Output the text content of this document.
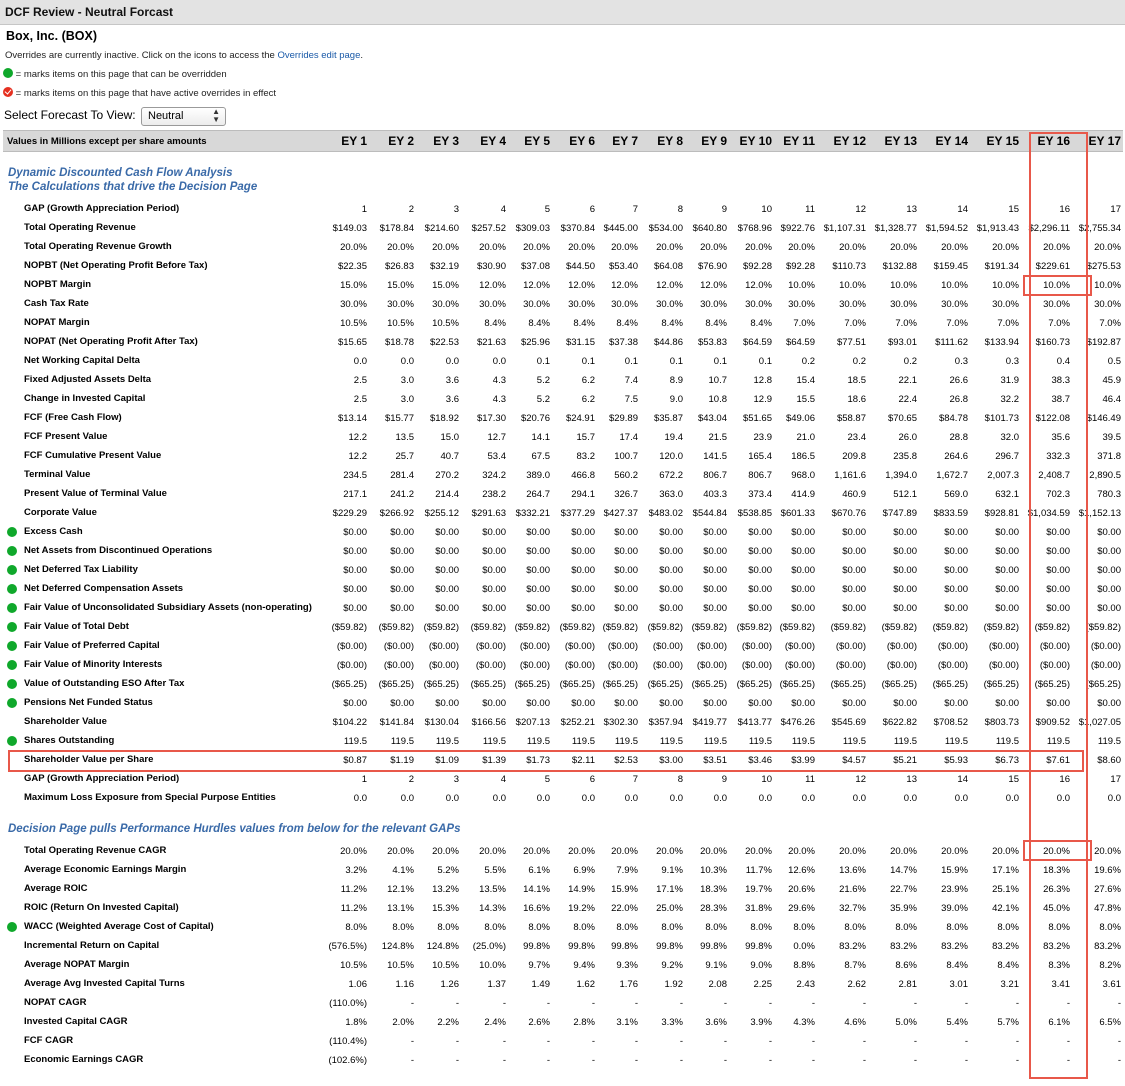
DCF Review - Neutral Forcast
Box, Inc. (BOX)
Overrides are currently inactive. Click on the icons to access the Overrides edit page.
= marks items on this page that can be overridden
= marks items on this page that have active overrides in effect
Select Forecast To View: Neutral	▲
▼
Values in Millions except per share amounts	EY 1 EY 2 EY 3 EY 4 EY 5 EY 6 EY 7 EY 8 EY 9 EY 10 EY 11 EY 12 EY 13 EY 14 EY 15 EY 16 EY 17
Dynamic Discounted Cash Flow Analysis
The Calculations that drive the Decision Page
Decision Page pulls Performance Hurdles values from below for the relevant GAPs
GAP (Growth Appreciation Period)	1	2	3	4	5	6	7	8	9	10	11	12	13	14	15	16	17
Total Operating Revenue	$149.03 $178.84 $214.60 $257.52 $309.03 $370.84 $445.00 $534.00 $640.80 $768.96 $922.76 $1,107.31 $1,328.77 $1,594.52 $1,913.43 $2,296.11 $2,755.34
Total Operating Revenue Growth	20.0% 20.0% 20.0% 20.0% 20.0% 20.0% 20.0% 20.0% 20.0% 20.0% 20.0%	20.0%	20.0%	20.0%	20.0%	20.0%	20.0%
NOPBT (Net Operating Profit Before Tax)	$22.35 $26.83 $32.19 $30.90 $37.08 $44.50 $53.40 $64.08 $76.90 $92.28 $92.28 $110.73 $132.88 $159.45 $191.34 $229.61 $275.53
NOPBT Margin	15.0% 15.0% 15.0% 12.0% 12.0% 12.0% 12.0% 12.0% 12.0% 12.0% 10.0%	10.0%	10.0%	10.0%	10.0%	10.0%	10.0%
Cash Tax Rate	30.0% 30.0% 30.0% 30.0% 30.0% 30.0% 30.0% 30.0% 30.0% 30.0% 30.0%	30.0%	30.0%	30.0%	30.0%	30.0%	30.0%
NOPAT Margin	10.5% 10.5% 10.5%	8.4% 8.4% 8.4% 8.4% 8.4% 8.4% 8.4% 7.0%	7.0%	7.0%	7.0%	7.0%	7.0%	7.0%
NOPAT (Net Operating Profit After Tax)	$15.65 $18.78 $22.53 $21.63 $25.96 $31.15 $37.38 $44.86 $53.83 $64.59 $64.59 $77.51 $93.01 $111.62 $133.94 $160.73 $192.87
Net Working Capital Delta	0.0	0.0	0.0	0.0	0.1	0.1	0.1	0.1	0.1	0.1	0.2	0.2	0.2	0.3	0.3	0.4	0.5
Fixed Adjusted Assets Delta	2.5	3.0	3.6	4.3	5.2	6.2	7.4	8.9	10.7	12.8	15.4	18.5	22.1	26.6	31.9	38.3	45.9
Change in Invested Capital	2.5	3.0	3.6	4.3	5.2	6.2	7.5	9.0	10.8	12.9	15.5	18.6	22.4	26.8	32.2	38.7	46.4
FCF (Free Cash Flow)	$13.14 $15.77 $18.92 $17.30 $20.76 $24.91 $29.89 $35.87 $43.04 $51.65 $49.06 $58.87 $70.65 $84.78 $101.73 $122.08 $146.49
FCF Present Value	12.2	13.5	15.0	12.7	14.1	15.7	17.4	19.4	21.5	23.9	21.0	23.4	26.0	28.8	32.0	35.6	39.5
FCF Cumulative Present Value	12.2	25.7	40.7	53.4	67.5	83.2 100.7 120.0 141.5 165.4 186.5	209.8	235.8	264.6	296.7	332.3	371.8
Terminal Value	234.5 281.4 270.2 324.2 389.0 466.8 560.2 672.2 806.7 806.7 968.0 1,161.6 1,394.0 1,672.7 2,007.3 2,408.7 2,890.5
Present Value of Terminal Value	217.1 241.2 214.4 238.2 264.7 294.1 326.7 363.0 403.3 373.4 414.9	460.9	512.1	569.0	632.1	702.3	780.3
Corporate Value	$229.29 $266.92 $255.12 $291.63 $332.21 $377.29 $427.37 $483.02 $544.84 $538.85 $601.33 $670.76 $747.89 $833.59 $928.81 $1,034.59 $1,152.13
Excess Cash	$0.00 $0.00 $0.00 $0.00 $0.00 $0.00 $0.00 $0.00 $0.00 $0.00 $0.00	$0.00	$0.00	$0.00	$0.00	$0.00	$0.00
Net Assets from Discontinued Operations	$0.00 $0.00 $0.00 $0.00 $0.00 $0.00 $0.00 $0.00 $0.00 $0.00 $0.00	$0.00	$0.00	$0.00	$0.00	$0.00	$0.00
Net Deferred Tax Liability	$0.00 $0.00 $0.00 $0.00 $0.00 $0.00 $0.00 $0.00 $0.00 $0.00 $0.00	$0.00	$0.00	$0.00	$0.00	$0.00	$0.00
Net Deferred Compensation Assets	$0.00 $0.00 $0.00 $0.00 $0.00 $0.00 $0.00 $0.00 $0.00 $0.00 $0.00	$0.00	$0.00	$0.00	$0.00	$0.00	$0.00
Fair Value of Unconsolidated Subsidiary Assets (non-operating)	$0.00 $0.00 $0.00 $0.00 $0.00 $0.00 $0.00 $0.00 $0.00 $0.00 $0.00	$0.00	$0.00	$0.00	$0.00	$0.00	$0.00
Fair Value of Total Debt	($59.82) ($59.82) ($59.82) ($59.82) ($59.82) ($59.82) ($59.82) ($59.82) ($59.82) ($59.82) ($59.82) ($59.82) ($59.82) ($59.82) ($59.82) ($59.82) ($59.82)
Fair Value of Preferred Capital	($0.00) ($0.00) ($0.00) ($0.00) ($0.00) ($0.00) ($0.00) ($0.00) ($0.00) ($0.00) ($0.00) ($0.00) ($0.00) ($0.00) ($0.00) ($0.00) ($0.00)
Fair Value of Minority Interests	($0.00) ($0.00) ($0.00) ($0.00) ($0.00) ($0.00) ($0.00) ($0.00) ($0.00) ($0.00) ($0.00) ($0.00) ($0.00) ($0.00) ($0.00) ($0.00) ($0.00)
Value of Outstanding ESO After Tax	($65.25) ($65.25) ($65.25) ($65.25) ($65.25) ($65.25) ($65.25) ($65.25) ($65.25) ($65.25) ($65.25) ($65.25) ($65.25) ($65.25) ($65.25) ($65.25) ($65.25)
Pensions Net Funded Status	$0.00 $0.00 $0.00 $0.00 $0.00 $0.00 $0.00 $0.00 $0.00 $0.00 $0.00	$0.00	$0.00	$0.00	$0.00	$0.00	$0.00
Shareholder Value	$104.22 $141.84 $130.04 $166.56 $207.13 $252.21 $302.30 $357.94 $419.77 $413.77 $476.26 $545.69 $622.82 $708.52 $803.73 $909.52 $1,027.05
Shares Outstanding	119.5	119.5 119.5	119.5 119.5 119.5 119.5 119.5 119.5 119.5 119.5	119.5	119.5	119.5	119.5	119.5	119.5
Shareholder Value per Share	$0.87 $1.19 $1.09 $1.39 $1.73 $2.11 $2.53 $3.00 $3.51 $3.46 $3.99	$4.57	$5.21	$5.93	$6.73	$7.61	$8.60
GAP (Growth Appreciation Period)	1	2	3	4	5	6	7	8	9	10	11	12	13	14	15	16	17
Maximum Loss Exposure from Special Purpose Entities	0.0	0.0	0.0	0.0	0.0	0.0	0.0	0.0	0.0	0.0	0.0	0.0	0.0	0.0	0.0	0.0	0.0
Total Operating Revenue CAGR	20.0% 20.0% 20.0% 20.0% 20.0% 20.0% 20.0% 20.0% 20.0% 20.0% 20.0%	20.0%	20.0%	20.0%	20.0%	20.0%	20.0%
Average Economic Earnings Margin	3.2%	4.1% 5.2%	5.5% 6.1% 6.9% 7.9% 9.1% 10.3% 11.7% 12.6%	13.6%	14.7%	15.9%	17.1%	18.3%	19.6%
Average ROIC	11.2% 12.1% 13.2% 13.5% 14.1% 14.9% 15.9% 17.1% 18.3% 19.7% 20.6%	21.6%	22.7%	23.9%	25.1%	26.3%	27.6%
ROIC (Return On Invested Capital)	11.2% 13.1% 15.3% 14.3% 16.6% 19.2% 22.0% 25.0% 28.3% 31.8% 29.6%	32.7%	35.9%	39.0%	42.1%	45.0%	47.8%
WACC (Weighted Average Cost of Capital)	8.0%	8.0% 8.0%	8.0% 8.0% 8.0% 8.0% 8.0% 8.0% 8.0% 8.0%	8.0%	8.0%	8.0%	8.0%	8.0%	8.0%
Incremental Return on Capital	(576.5%) 124.8% 124.8% (25.0%) 99.8% 99.8% 99.8% 99.8% 99.8% 99.8% 0.0%	83.2%	83.2%	83.2%	83.2%	83.2%	83.2%
Average NOPAT Margin	10.5% 10.5% 10.5% 10.0% 9.7% 9.4% 9.3% 9.2% 9.1% 9.0% 8.8%	8.7%	8.6%	8.4%	8.4%	8.3%	8.2%
Average Avg Invested Capital Turns	1.06	1.16	1.26	1.37	1.49	1.62	1.76	1.92	2.08	2.25	2.43	2.62	2.81	3.01	3.21	3.41	3.61
NOPAT CAGR	(110.0%)	-	-	-	-	-	-	-	-	-	-	-	-	-	-	-	-
Invested Capital CAGR	1.8%	2.0% 2.2%	2.4% 2.6% 2.8% 3.1% 3.3% 3.6% 3.9% 4.3%	4.6%	5.0%	5.4%	5.7%	6.1%	6.5%
FCF CAGR	(110.4%)	-	-	-	-	-	-	-	-	-	-	-	-	-	-	-	-
Economic Earnings CAGR	(102.6%)	-	-	-	-	-	-	-	-	-	-	-	-	-	-	-	-
